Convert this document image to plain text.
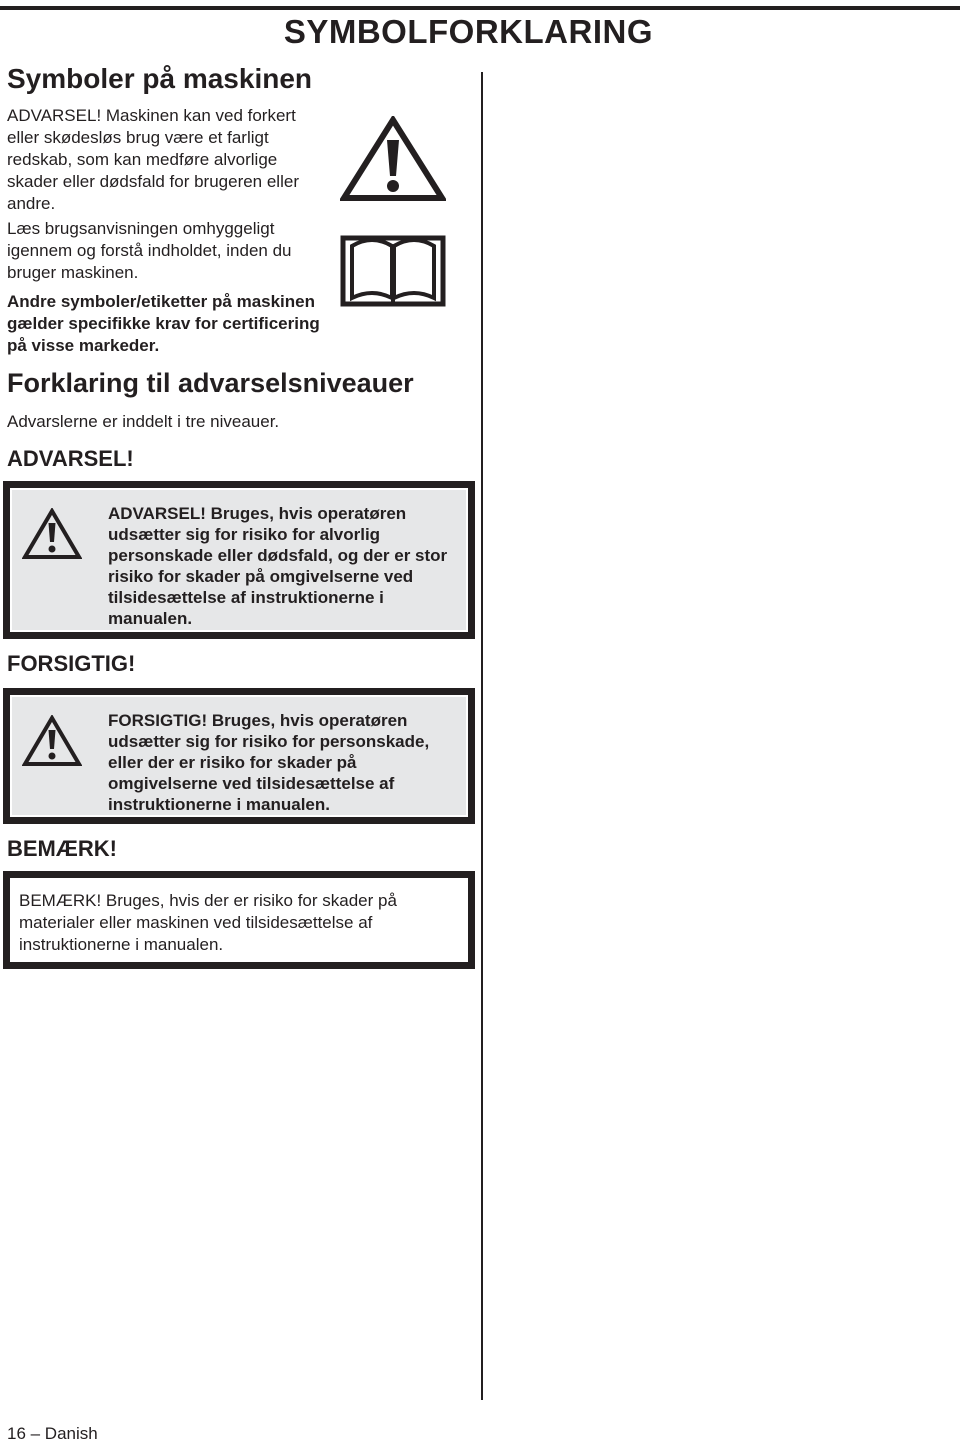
SYMBOLFORKLARING
Symboler på maskinen
ADVARSEL! Maskinen kan ved forkert eller skødesløs brug være et farligt redskab, som kan medføre alvorlige skader eller dødsfald for brugeren eller andre.
Læs brugsanvisningen omhyggeligt igennem og forstå indholdet, inden du bruger maskinen.
Andre symboler/etiketter på maskinen gælder specifikke krav for certificering på visse markeder.
Forklaring til advarselsniveauer
Advarslerne er inddelt i tre niveauer.
ADVARSEL!
ADVARSEL! Bruges, hvis operatøren udsætter sig for risiko for alvorlig personskade eller dødsfald, og der er stor risiko for skader på omgivelserne ved tilsidesættelse af instruktionerne i manualen.
FORSIGTIG!
FORSIGTIG! Bruges, hvis operatøren udsætter sig for risiko for personskade, eller der er risiko for skader på omgivelserne ved tilsidesættelse af instruktionerne i manualen.
BEMÆRK!
BEMÆRK! Bruges, hvis der er risiko for skader på materialer eller maskinen ved tilsidesættelse af instruktionerne i manualen.
16 – Danish
